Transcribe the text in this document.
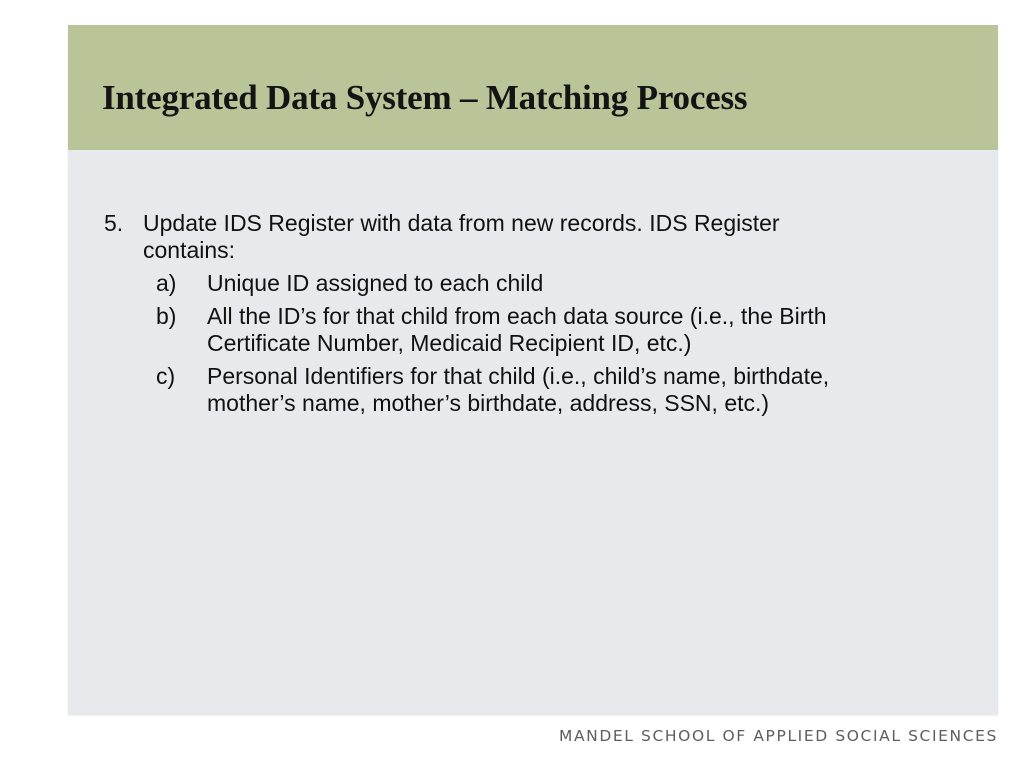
Integrated Data System – Matching Process
5. Update IDS Register with data from new records. IDS Register
contains:
a) Unique ID assigned to each child
b) All the ID’s for that child from each data source (i.e., the Birth
Certificate Number, Medicaid Recipient ID, etc.)
c) Personal Identifiers for that child (i.e., child’s name, birthdate,
mother’s name, mother’s birthdate, address, SSN, etc.)
MANDEL SCHOOL OF APPLIED SOCIAL SCIENCES
